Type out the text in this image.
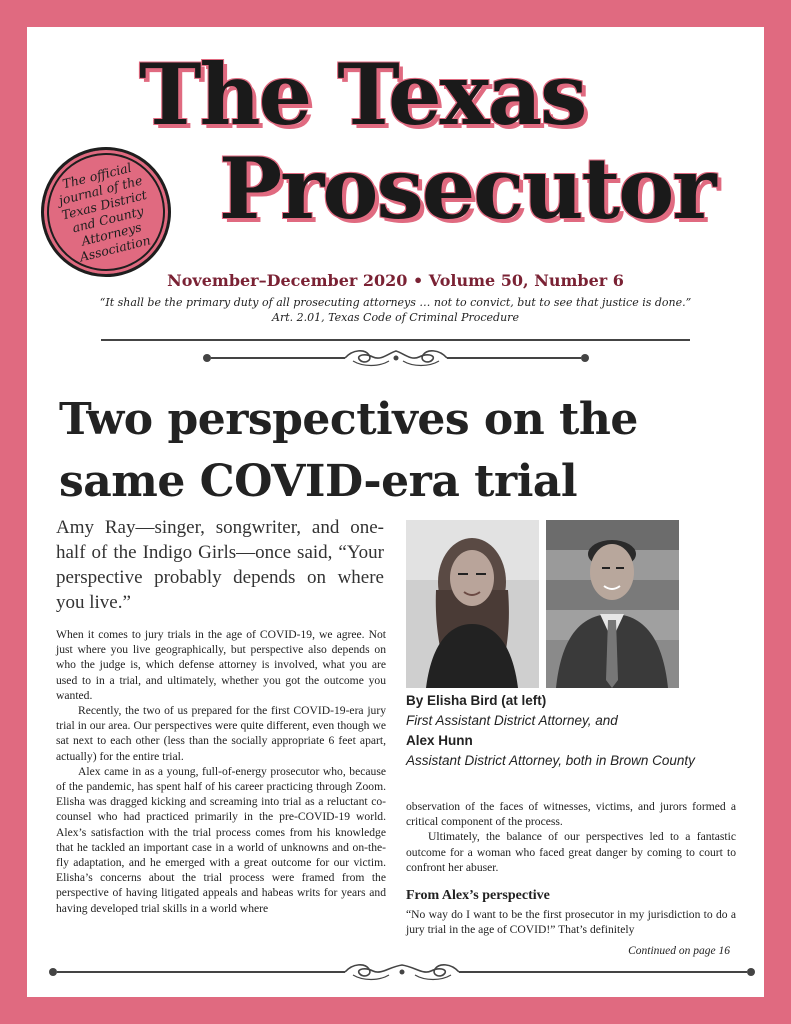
The Texas
Prosecutor
The official journal of the Texas District and County Attorneys Association
November–December 2020 • Volume 50, Number 6
“It shall be the primary duty of all prosecuting attorneys … not to convict, but to see that justice is done.”
Art. 2.01, Texas Code of Criminal Procedure
Two perspectives on the same COVID-era trial
Amy Ray—singer, songwriter, and one-half of the Indigo Girls—once said, “Your perspective probably depends on where you live.”

When it comes to jury trials in the age of COVID-19, we agree. Not just where you live geographically, but perspective also depends on who the judge is, which defense attorney is involved, what you are used to in a trial, and ultimately, whether you got the outcome you wanted.

Recently, the two of us prepared for the first COVID-19-era jury trial in our area. Our perspectives were quite different, even though we sat next to each other (less than the socially appropriate 6 feet apart, actually) for the entire trial.

Alex came in as a young, full-of-energy prosecutor who, because of the pandemic, has spent half of his career practicing through Zoom. Elisha was dragged kicking and screaming into trial as a reluctant co-counsel who had practiced primarily in the pre-COVID-19 world. Alex’s satisfaction with the trial process comes from his knowledge that he tackled an important case in a world of unknowns and on-the-fly adaptation, and he emerged with a great outcome for our victim. Elisha’s concerns about the trial process were framed from the perspective of having litigated appeals and habeas writs for years and having developed trial skills in a world where

By Elisha Bird (at left)
First Assistant District Attorney, and
Alex Hunn
Assistant District Attorney, both in Brown County

observation of the faces of witnesses, victims, and jurors formed a critical component of the process.

Ultimately, the balance of our perspectives led to a fantastic outcome for a woman who faced great danger by coming to court to confront her abuser.

From Alex’s perspective

“No way do I want to be the first prosecutor in my jurisdiction to do a jury trial in the age of COVID!” That’s definitely

Continued on page 16
